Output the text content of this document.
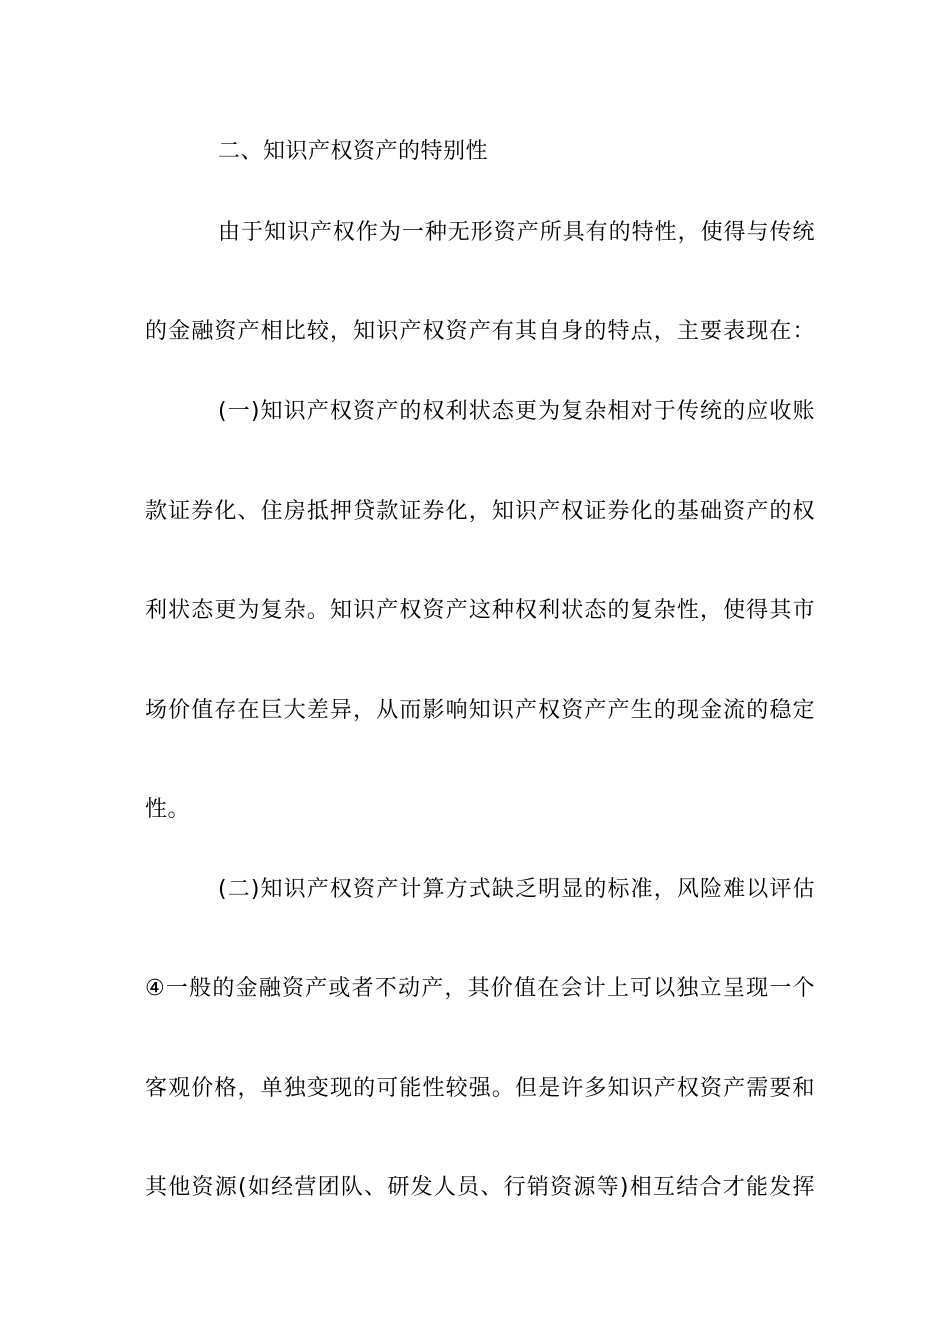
二、知识产权资产的特别性
由于知识产权作为一种无形资产所具有的特性，使得与传统
的金融资产相比较，知识产权资产有其自身的特点，主要表现在：
(一)知识产权资产的权利状态更为复杂相对于传统的应收账
款证券化、住房抵押贷款证券化，知识产权证券化的基础资产的权
利状态更为复杂。知识产权资产这种权利状态的复杂性，使得其市
场价值存在巨大差异，从而影响知识产权资产产生的现金流的稳定
性。
(二)知识产权资产计算方式缺乏明显的标准，风险难以评估
④一般的金融资产或者不动产，其价值在会计上可以独立呈现一个
客观价格，单独变现的可能性较强。但是许多知识产权资产需要和
其他资源(如经营团队、研发人员、行销资源等)相互结合才能发挥
